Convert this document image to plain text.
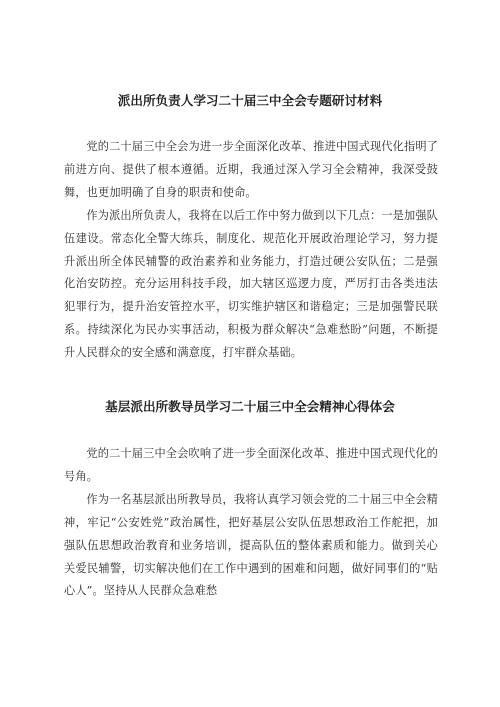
派出所负责人学习二十届三中全会专题研讨材料

党的二十届三中全会为进一步全面深化改革、推进中国式现代化指明了前进方向、提供了根本遵循。近期，我通过深入学习全会精神，我深受鼓舞，也更加明确了自身的职责和使命。

作为派出所负责人，我将在以后工作中努力做到以下几点：一是加强队伍建设。常态化全警大练兵，制度化、规范化开展政治理论学习，努力提升派出所全体民辅警的政治素养和业务能力，打造过硬公安队伍；二是强化治安防控。充分运用科技手段，加大辖区巡逻力度，严厉打击各类违法犯罪行为，提升治安管控水平，切实维护辖区和谐稳定；三是加强警民联系。持续深化为民办实事活动，积极为群众解决“急难愁盼”问题，不断提升人民群众的安全感和满意度，打牢群众基础。

基层派出所教导员学习二十届三中全会精神心得体会

党的二十届三中全会吹响了进一步全面深化改革、推进中国式现代化的号角。

作为一名基层派出所教导员，我将认真学习领会党的二十届三中全会精神，牢记“公安姓党”政治属性，把好基层公安队伍思想政治工作舵把，加强队伍思想政治教育和业务培训，提高队伍的整体素质和能力。做到关心关爱民辅警，切实解决他们在工作中遇到的困难和问题，做好同事们的“贴心人”。坚持从人民群众急难愁
